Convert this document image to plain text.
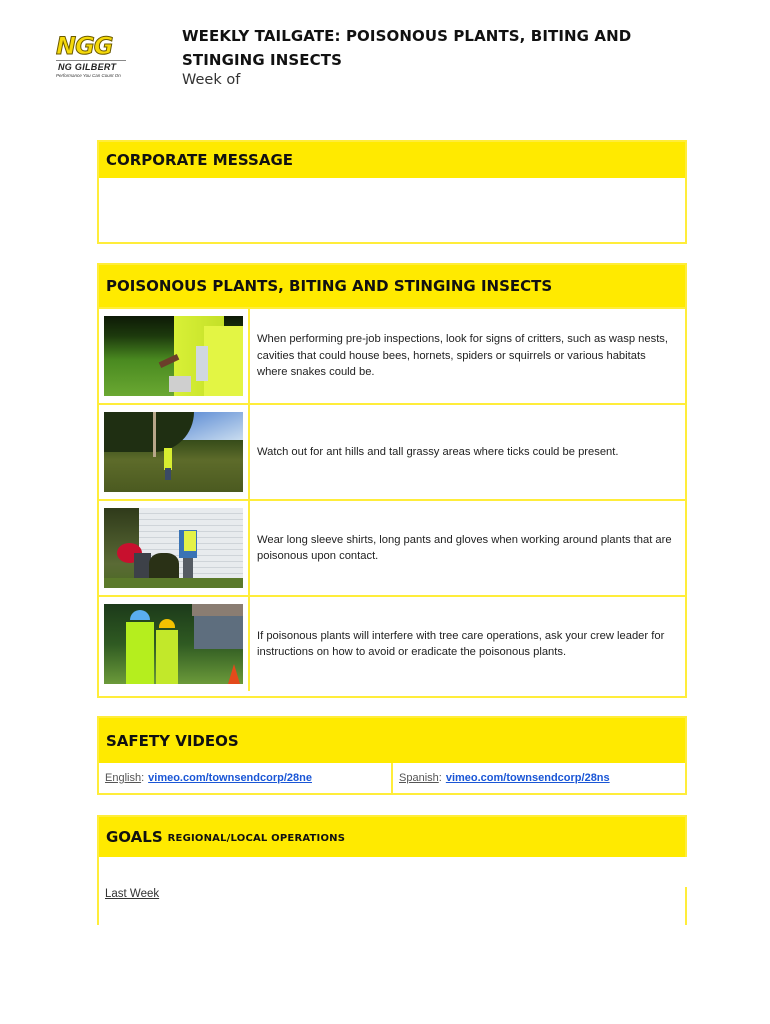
NGG
NG GILBERT
Performance You Can Count On
WEEKLY TAILGATE: POISONOUS PLANTS, BITING AND STINGING INSECTS
Week of
CORPORATE MESSAGE
POISONOUS PLANTS, BITING AND STINGING INSECTS
When performing pre-job inspections, look for signs of critters, such as wasp nests, cavities that could house bees, hornets, spiders or squirrels or various habitats where snakes could be.
Watch out for ant hills and tall grassy areas where ticks could be present.
Wear long sleeve shirts, long pants and gloves when working around plants that are poisonous upon contact.
If poisonous plants will interfere with tree care operations, ask your crew leader for instructions on how to avoid or eradicate the poisonous plants.
SAFETY VIDEOS
English : vimeo.com/townsendcorp/28ne	Spanish : vimeo.com/townsendcorp/28ns
GOALS REGIONAL/LOCAL OPERATIONS
Last Week
